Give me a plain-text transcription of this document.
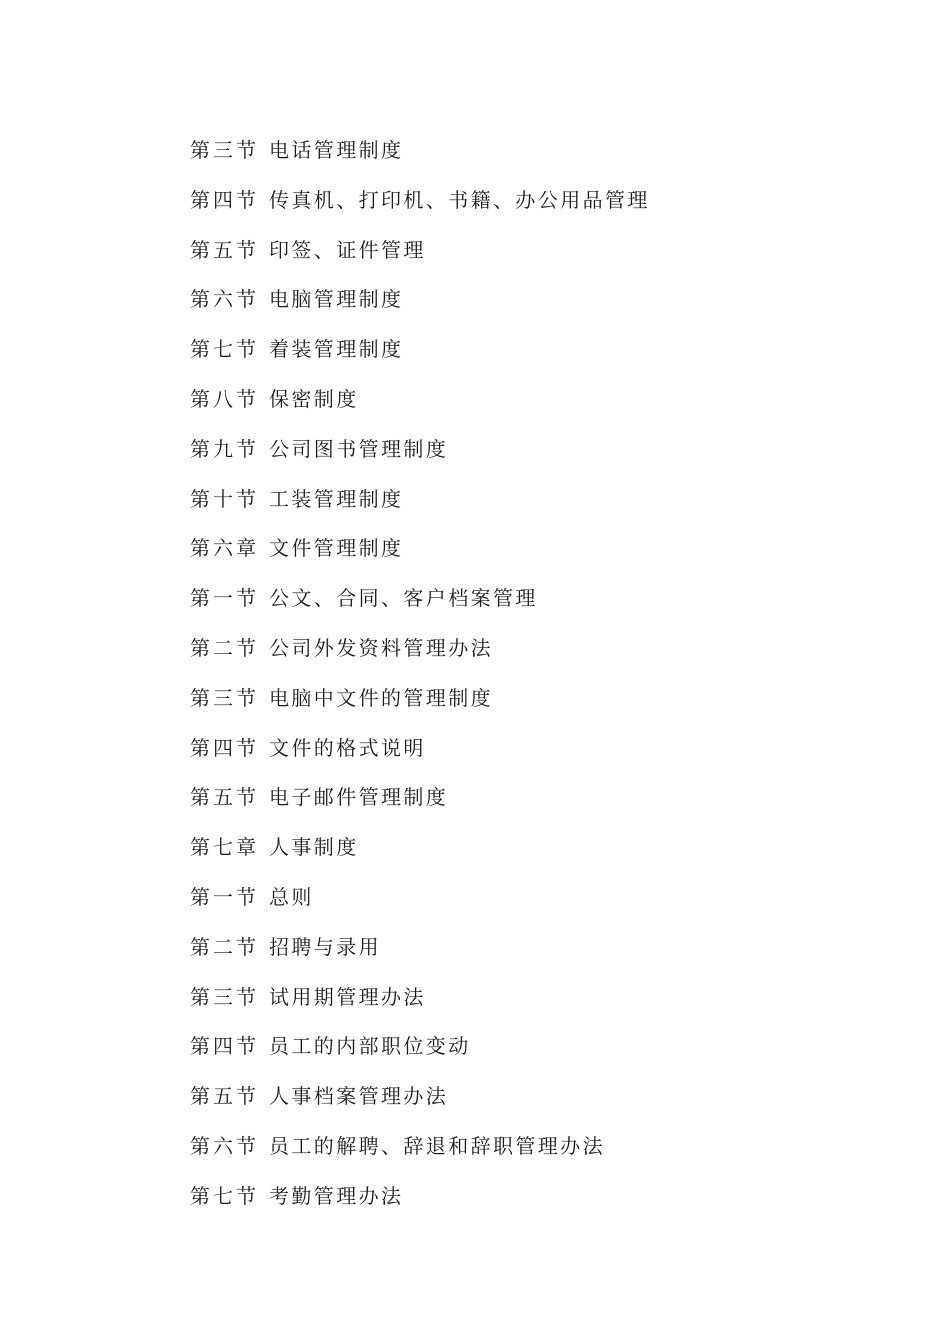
第三节 电话管理制度
第四节 传真机、打印机、书籍、办公用品管理
第五节 印签、证件管理
第六节 电脑管理制度
第七节 着装管理制度
第八节 保密制度
第九节 公司图书管理制度
第十节 工装管理制度
第六章 文件管理制度
第一节 公文、合同、客户档案管理
第二节 公司外发资料管理办法
第三节 电脑中文件的管理制度
第四节 文件的格式说明
第五节 电子邮件管理制度
第七章 人事制度
第一节 总则
第二节 招聘与录用
第三节 试用期管理办法
第四节 员工的内部职位变动
第五节 人事档案管理办法
第六节 员工的解聘、辞退和辞职管理办法
第七节 考勤管理办法
